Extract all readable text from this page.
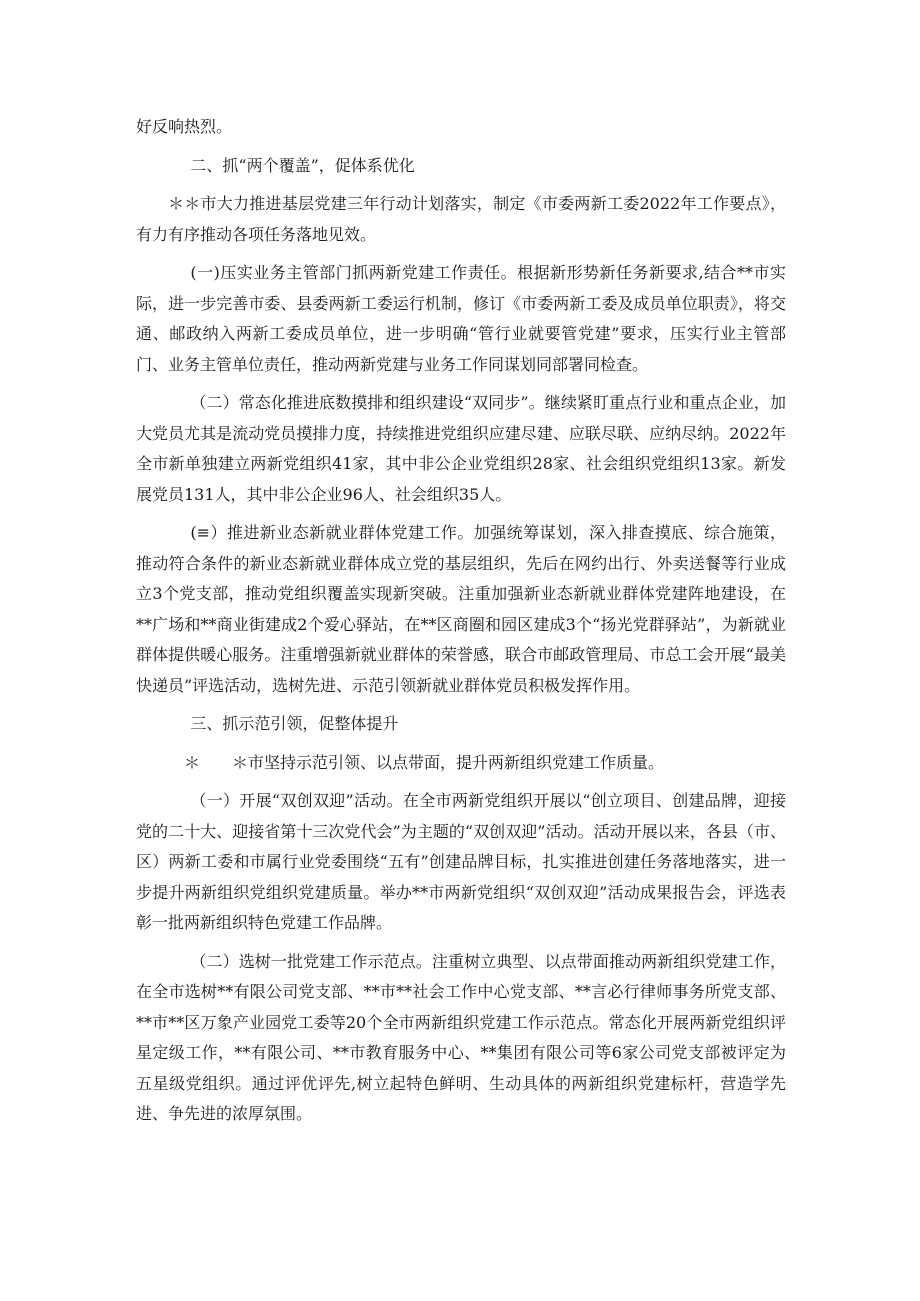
好反响热烈。

二、抓“两个覆盖”，促体系优化

＊＊市大力推进基层党建三年行动计划落实，制定《市委两新工委2022年工作要点》，有力有序推动各项任务落地见效。

(一)压实业务主管部门抓两新党建工作责任。根据新形势新任务新要求,结合**市实际，进一步完善市委、县委两新工委运行机制，修订《市委两新工委及成员单位职责》，将交通、邮政纳入两新工委成员单位，进一步明确“管行业就要管党建”要求，压实行业主管部门、业务主管单位责任，推动两新党建与业务工作同谋划同部署同检查。

（二）常态化推进底数摸排和组织建设“双同步”。继续紧盯重点行业和重点企业，加大党员尤其是流动党员摸排力度，持续推进党组织应建尽建、应联尽联、应纳尽纳。2022年全市新单独建立两新党组织41家，其中非公企业党组织28家、社会组织党组织13家。新发展党员131人，其中非公企业96人、社会组织35人。

(≡）推进新业态新就业群体党建工作。加强统筹谋划，深入排查摸底、综合施策，推动符合条件的新业态新就业群体成立党的基层组织，先后在网约出行、外卖送餐等行业成立3个党支部，推动党组织覆盖实现新突破。注重加强新业态新就业群体党建阵地建设，在**广场和**商业街建成2个爱心驿站，在**区商圈和园区建成3个“扬光党群驿站”，为新就业群体提供暖心服务。注重增强新就业群体的荣誉感，联合市邮政管理局、市总工会开展“最美快递员”评选活动，选树先进、示范引领新就业群体党员积极发挥作用。

三、抓示范引领，促整体提升

＊　　＊市坚持示范引领、以点带面，提升两新组织党建工作质量。

（一）开展“双创双迎”活动。在全市两新党组织开展以“创立项目、创建品牌，迎接党的二十大、迎接省第十三次党代会”为主题的“双创双迎”活动。活动开展以来，各县（市、区）两新工委和市属行业党委围绕“五有”创建品牌目标，扎实推进创建任务落地落实，进一步提升两新组织党组织党建质量。举办**市两新党组织“双创双迎”活动成果报告会，评选表彰一批两新组织特色党建工作品牌。

（二）选树一批党建工作示范点。注重树立典型、以点带面推动两新组织党建工作，在全市选树**有限公司党支部、**市**社会工作中心党支部、**言必行律师事务所党支部、**市**区万象产业园党工委等20个全市两新组织党建工作示范点。常态化开展两新党组织评星定级工作，**有限公司、**市教育服务中心、**集团有限公司等6家公司党支部被评定为五星级党组织。通过评优评先,树立起特色鲜明、生动具体的两新组织党建标杆，营造学先进、争先进的浓厚氛围。
